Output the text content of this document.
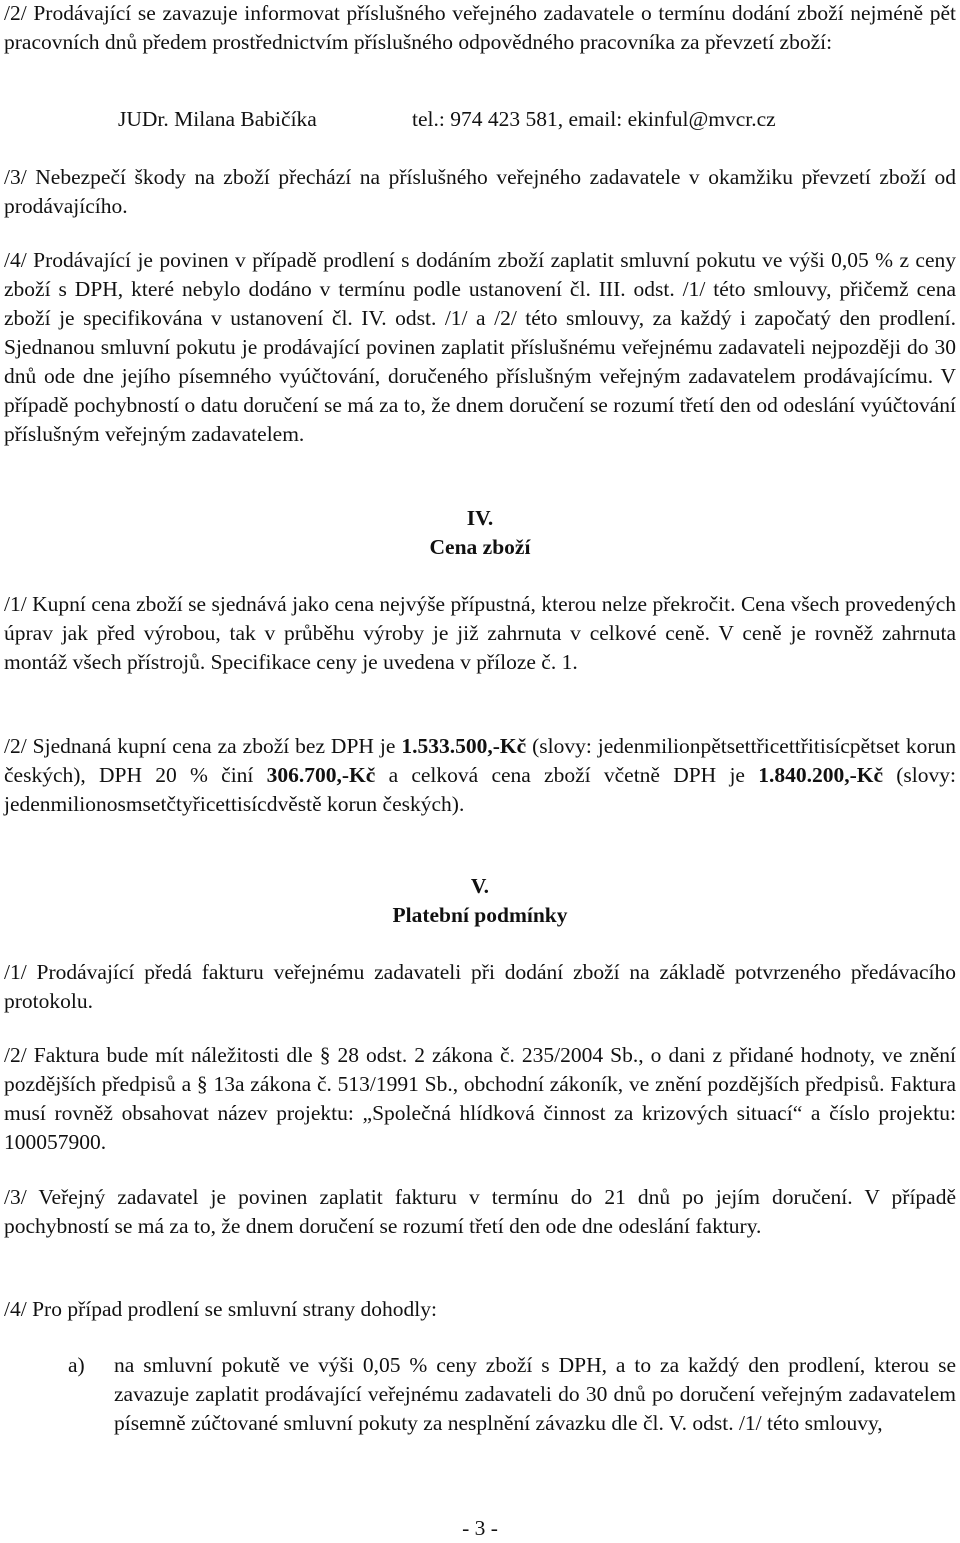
/2/ Prodávající se zavazuje informovat příslušného veřejného zadavatele o termínu dodání zboží nejméně pět pracovních dnů předem prostřednictvím příslušného odpovědného pracovníka za převzetí zboží:

JUDr. Milana Babičíka	tel.: 974 423 581, email: ekinful@mvcr.cz

/3/ Nebezpečí škody na zboží přechází na příslušného veřejného zadavatele v okamžiku převzetí zboží od prodávajícího.

/4/ Prodávající je povinen v případě prodlení s dodáním zboží zaplatit smluvní pokutu ve výši 0,05 % z ceny zboží s DPH, které nebylo dodáno v termínu podle ustanovení čl. III. odst. /1/ této smlouvy, přičemž cena zboží je specifikována v ustanovení čl. IV. odst. /1/ a /2/ této smlouvy, za každý i započatý den prodlení. Sjednanou smluvní pokutu je prodávající povinen zaplatit příslušnému veřejnému zadavateli nejpozději do 30 dnů ode dne jejího písemného vyúčtování, doručeného příslušným veřejným zadavatelem prodávajícímu. V případě pochybností o datu doručení se má za to, že dnem doručení se rozumí třetí den od odeslání vyúčtování příslušným veřejným zadavatelem.

IV.
Cena zboží

/1/ Kupní cena zboží se sjednává jako cena nejvýše přípustná, kterou nelze překročit. Cena všech provedených úprav jak před výrobou, tak v průběhu výroby je již zahrnuta v celkové ceně. V ceně je rovněž zahrnuta montáž všech přístrojů. Specifikace ceny je uvedena v příloze č. 1.

/2/ Sjednaná kupní cena za zboží bez DPH je 1.533.500,-Kč (slovy: jedenmilionpětsettřicettřitisícpětset korun českých), DPH 20 % činí 306.700,-Kč a celková cena zboží včetně DPH je 1.840.200,-Kč (slovy: jedenmilionosmsetčtyřicettisícdvěstě korun českých).

V.
Platební podmínky

/1/ Prodávající předá fakturu veřejnému zadavateli při dodání zboží na základě potvrzeného předávacího protokolu.

/2/ Faktura bude mít náležitosti dle § 28 odst. 2 zákona č. 235/2004 Sb., o dani z přidané hodnoty, ve znění pozdějších předpisů a § 13a zákona č. 513/1991 Sb., obchodní zákoník, ve znění pozdějších předpisů. Faktura musí rovněž obsahovat název projektu: „Společná hlídková činnost za krizových situací“ a číslo projektu: 100057900.

/3/ Veřejný zadavatel je povinen zaplatit fakturu v termínu do 21 dnů po jejím doručení. V případě pochybností se má za to, že dnem doručení se rozumí třetí den ode dne odeslání faktury.

/4/ Pro případ prodlení se smluvní strany dohodly:

a) na smluvní pokutě ve výši 0,05 % ceny zboží s DPH, a to za každý den prodlení, kterou se zavazuje zaplatit prodávající veřejnému zadavateli do 30 dnů po doručení veřejným zadavatelem písemně zúčtované smluvní pokuty za nesplnění závazku dle čl. V. odst. /1/ této smlouvy,
- 3 -
